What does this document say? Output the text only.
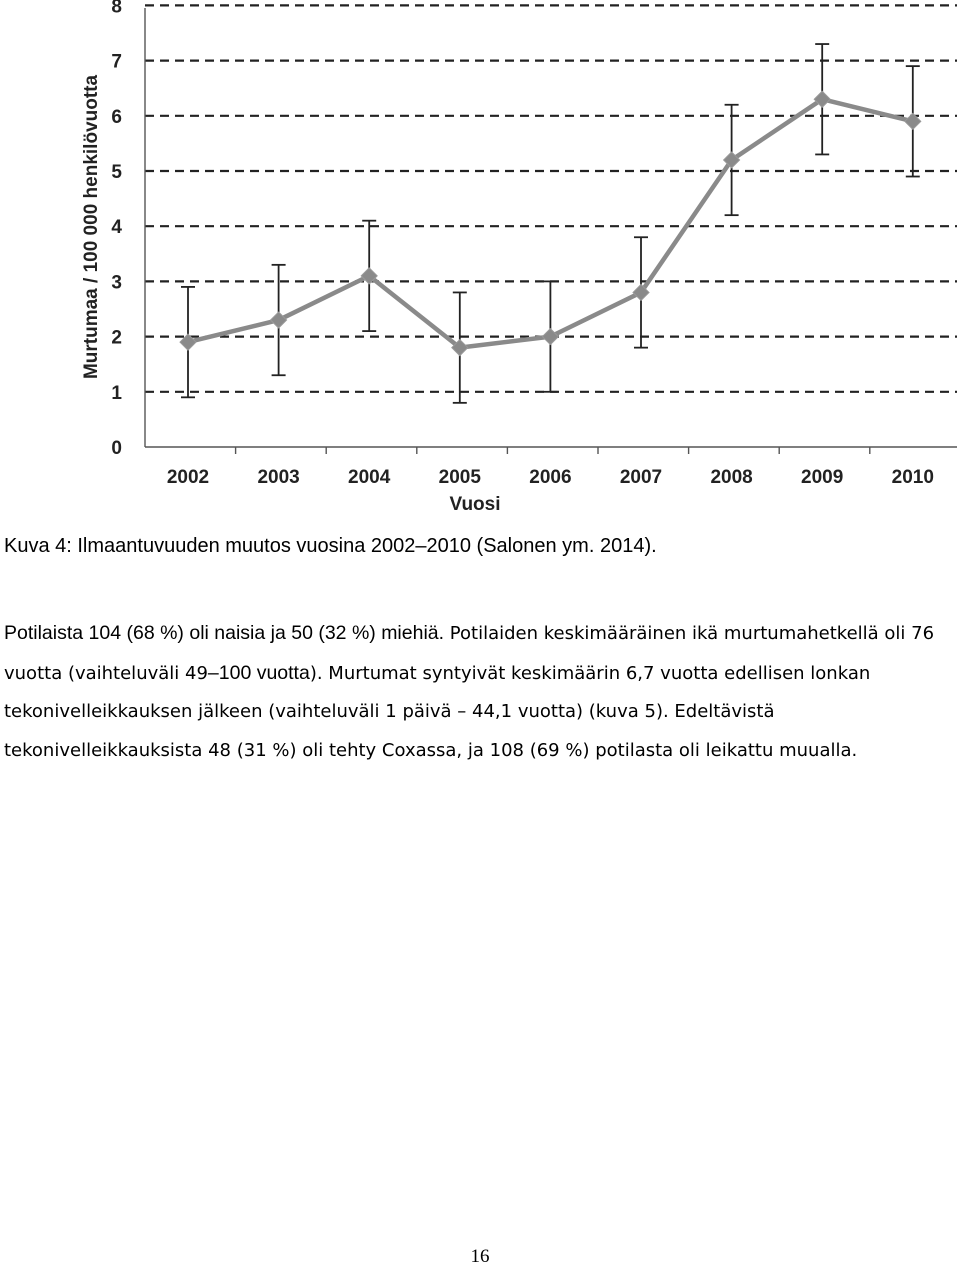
0
1
2
3
4
5
6
7
8
2002	2003	2004	2005	2006	2007	2008	2009	2010
Murtumaa / 100 000 henkilövuotta
Vuosi
Kuva 4: Ilmaantuvuuden muutos vuosina 2002–2010 (Salonen ym. 2014).

Potilaista 104 (68 %) oli naisia ja 50 (32 %) miehiä. Potilaiden keskimääräinen ikä murtumahetkellä oli 76 vuotta (vaihteluväli 49–100 vuotta). Murtumat syntyivät keskimäärin 6,7 vuotta edellisen lonkan tekonivelleikkauksen jälkeen (vaihteluväli 1 päivä – 44,1 vuotta) (kuva 5). Edeltävistä tekonivelleikkauksista 48 (31 %) oli tehty Coxassa, ja 108 (69 %) potilasta oli leikattu muualla.

16
